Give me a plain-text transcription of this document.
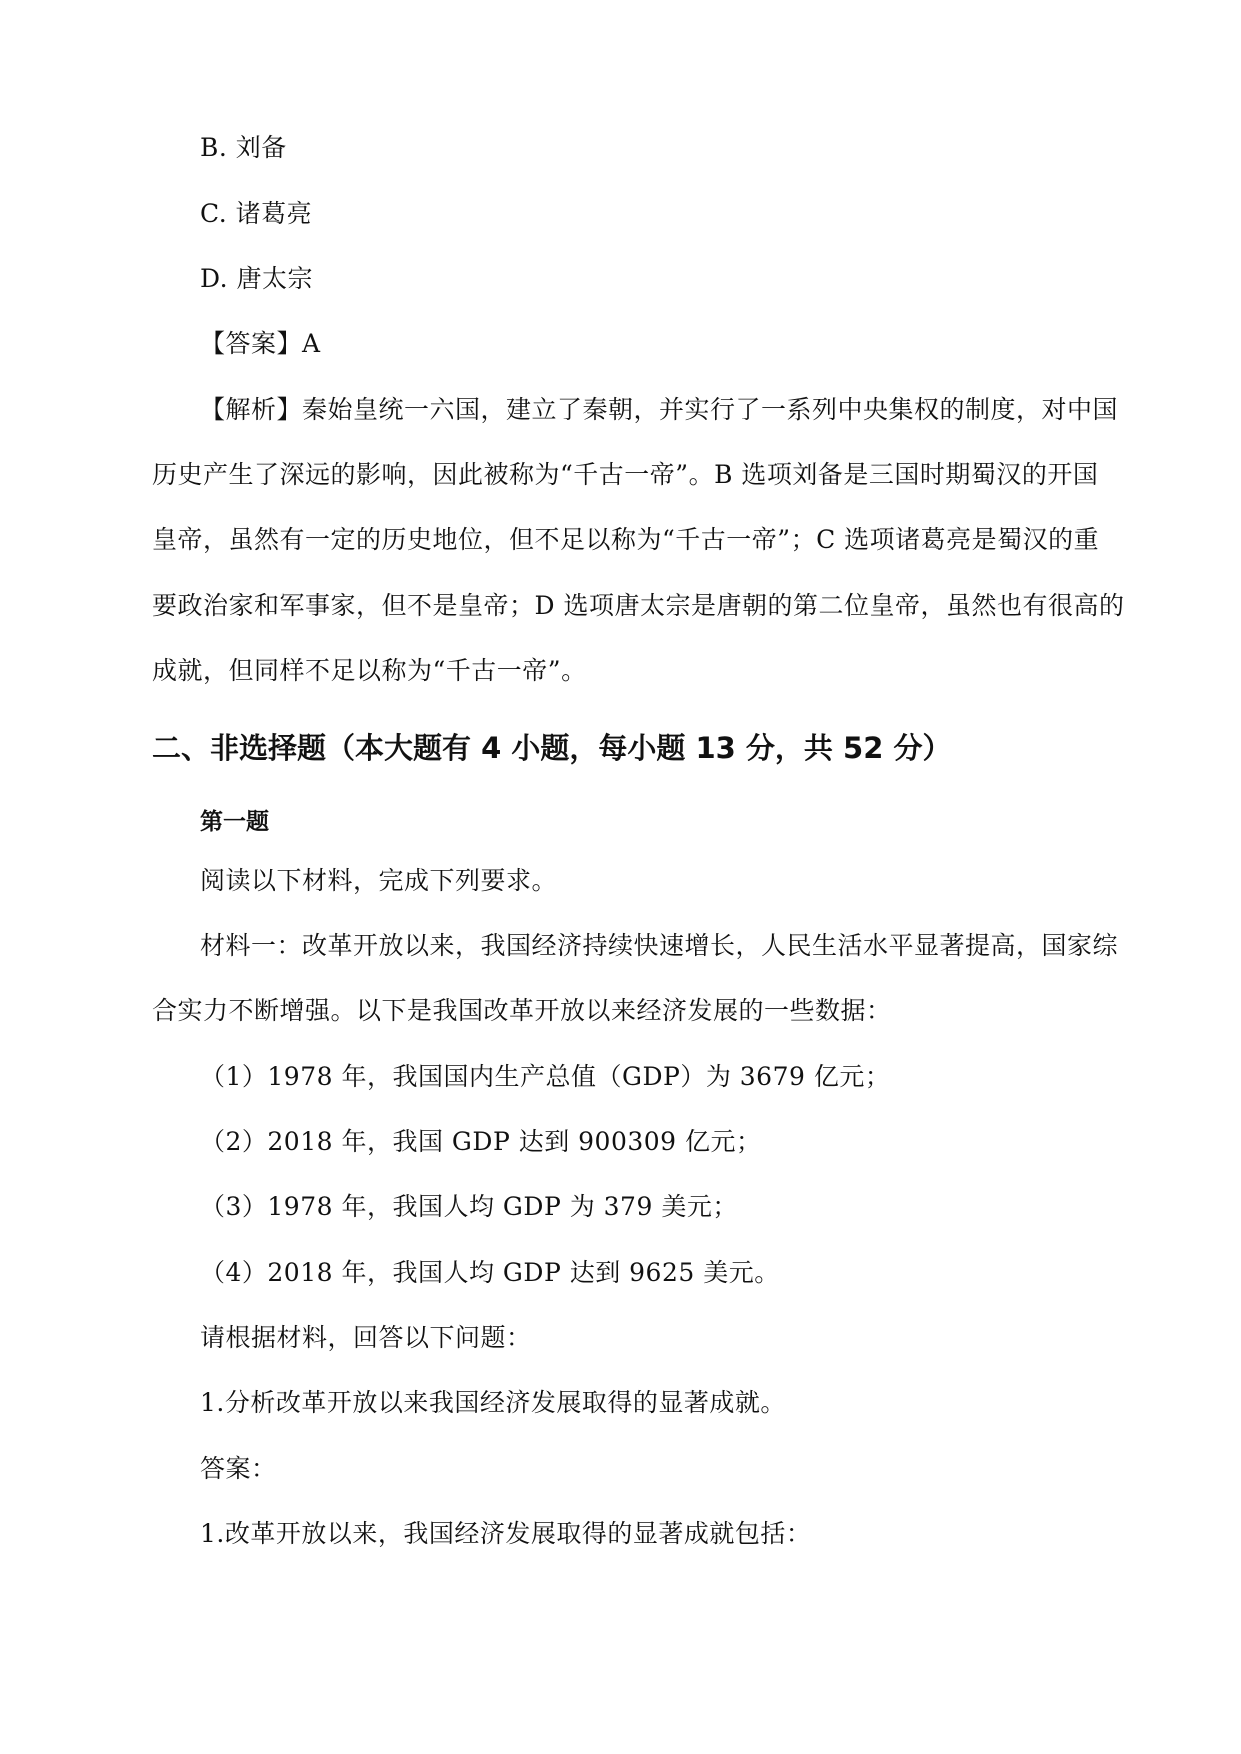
B. 刘备
C. 诸葛亮
D. 唐太宗
【答案】A
【解析】秦始皇统一六国，建立了秦朝，并实行了一系列中央集权的制度，对中国
历史产生了深远的影响，因此被称为“千古一帝”。B 选项刘备是三国时期蜀汉的开国
皇帝，虽然有一定的历史地位，但不足以称为“千古一帝”；C 选项诸葛亮是蜀汉的重
要政治家和军事家，但不是皇帝；D 选项唐太宗是唐朝的第二位皇帝，虽然也有很高的
成就，但同样不足以称为“千古一帝”。
二、非选择题（本大题有 4 小题，每小题 13 分，共 52 分）
第一题
阅读以下材料，完成下列要求。
材料一：改革开放以来，我国经济持续快速增长，人民生活水平显著提高，国家综
合实力不断增强。以下是我国改革开放以来经济发展的一些数据：
（1）1978 年，我国国内生产总值（GDP）为 3679 亿元；
（2）2018 年，我国 GDP 达到 900309 亿元；
（3）1978 年，我国人均 GDP 为 379 美元；
（4）2018 年，我国人均 GDP 达到 9625 美元。
请根据材料，回答以下问题：
1.分析改革开放以来我国经济发展取得的显著成就。
答案：
1.改革开放以来，我国经济发展取得的显著成就包括：
